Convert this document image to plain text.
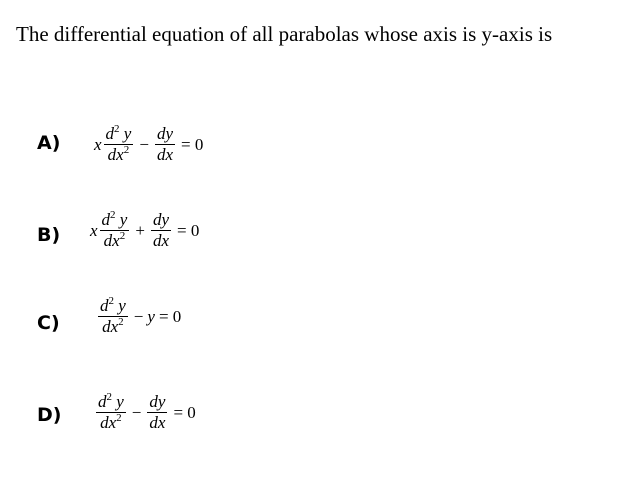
The differential equation of all parabolas whose axis is y-axis is
A) x $\frac{d^2 y}{dx^2} - \frac{dy}{dx} = 0$
B) x $\frac{d^2 y}{dx^2} + \frac{dy}{dx} = 0$
$C) \frac{d^2 y}{dx^2} - y = 0$
$D) \frac{d^2 y}{dx^2} - \frac{dy}{dx} = 0$
